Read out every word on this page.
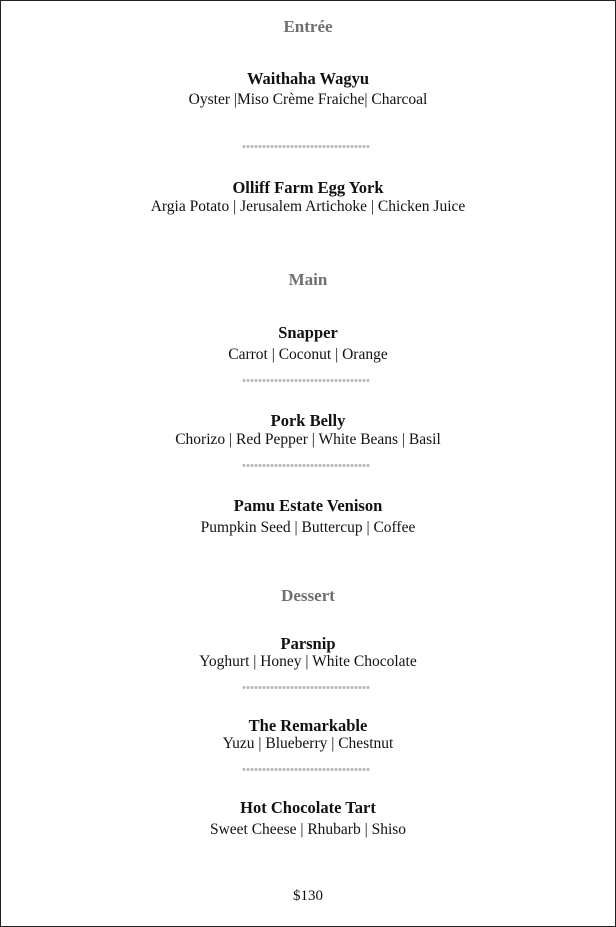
Entrée
Waithaha Wagyu
Oyster |Miso Crème Fraiche| Charcoal
Olliff Farm Egg York
Argia Potato | Jerusalem Artichoke | Chicken Juice
Main
Snapper
Carrot | Coconut | Orange
Pork Belly
Chorizo | Red Pepper | White Beans | Basil

Pamu Estate Venison
Pumpkin Seed | Buttercup | Coffee
Dessert
Parsnip
Yoghurt | Honey | White Chocolate
The Remarkable
Yuzu | Blueberry | Chestnut
Hot Chocolate Tart
Sweet Cheese | Rhubarb | Shiso
$130
